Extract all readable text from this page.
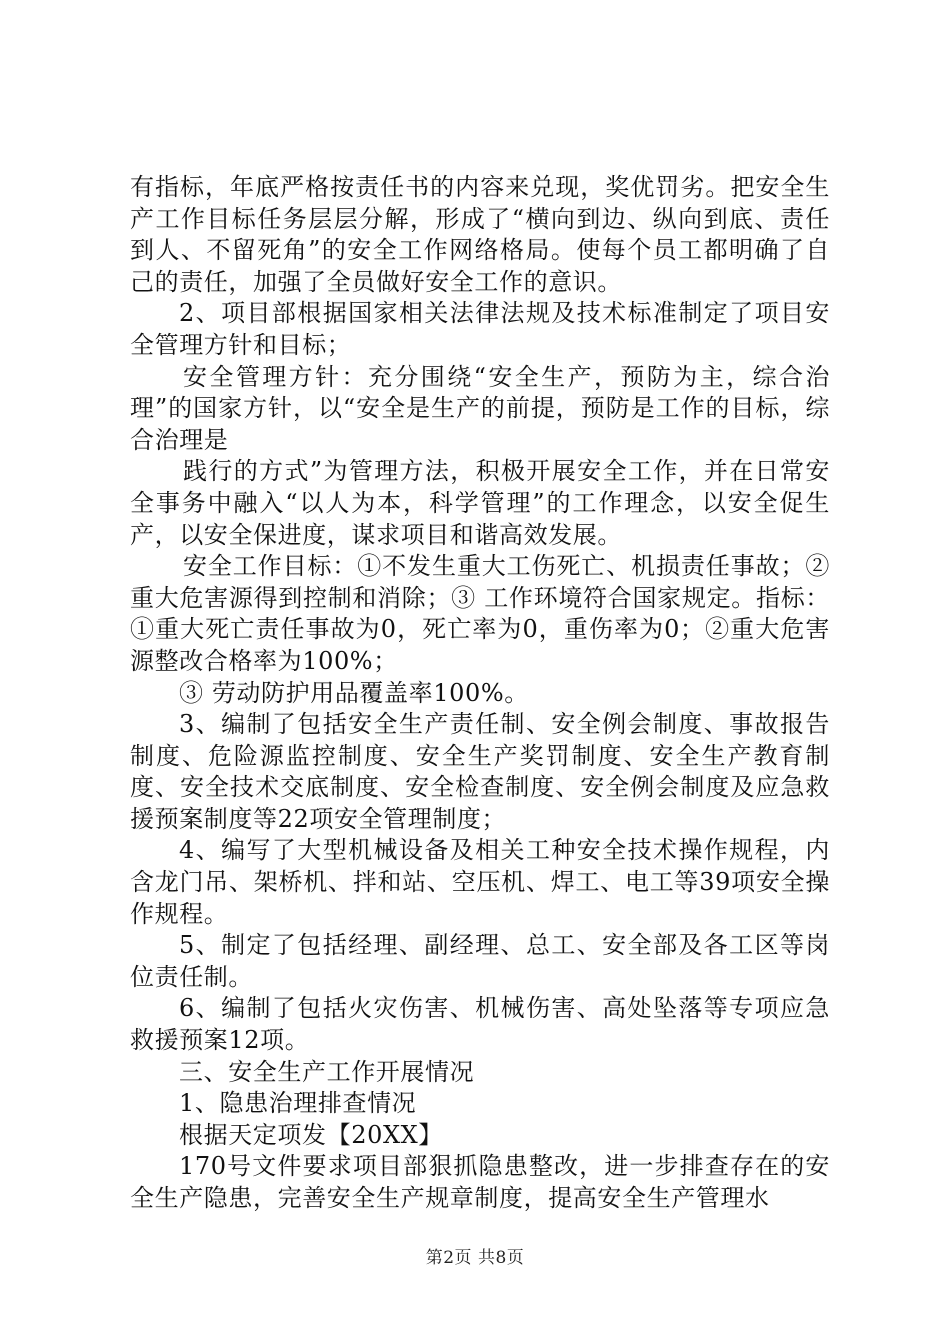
有指标，年底严格按责任书的内容来兑现，奖优罚劣。把安全生产工作目标任务层层分解，形成了“横向到边、纵向到底、责任到人、不留死角”的安全工作网络格局。使每个员工都明确了自己的责任，加强了全员做好安全工作的意识。

2、项目部根据国家相关法律法规及技术标准制定了项目安全管理方针和目标；

安全管理方针：充分围绕“安全生产，预防为主，综合治理”的国家方针，以“安全是生产的前提，预防是工作的目标，综合治理是

践行的方式”为管理方法，积极开展安全工作，并在日常安全事务中融入“以人为本，科学管理”的工作理念，以安全促生产，以安全保进度，谋求项目和谐高效发展。

安全工作目标：①不发生重大工伤死亡、机损责任事故；②重大危害源得到控制和消除；③ 工作环境符合国家规定。指标：①重大死亡责任事故为0，死亡率为0，重伤率为0；②重大危害源整改合格率为100%；

③ 劳动防护用品覆盖率100%。

3、编制了包括安全生产责任制、安全例会制度、事故报告制度、危险源监控制度、安全生产奖罚制度、安全生产教育制度、安全技术交底制度、安全检查制度、安全例会制度及应急救援预案制度等22项安全管理制度；

4、编写了大型机械设备及相关工种安全技术操作规程，内含龙门吊、架桥机、拌和站、空压机、焊工、电工等39项安全操作规程。

5、制定了包括经理、副经理、总工、安全部及各工区等岗位责任制。

6、编制了包括火灾伤害、机械伤害、高处坠落等专项应急救援预案12项。

三、安全生产工作开展情况

1、隐患治理排查情况

根据天定项发【20XX】

170号文件要求项目部狠抓隐患整改，进一步排查存在的安全生产隐患，完善安全生产规章制度，提高安全生产管理水

第2页 共8页
